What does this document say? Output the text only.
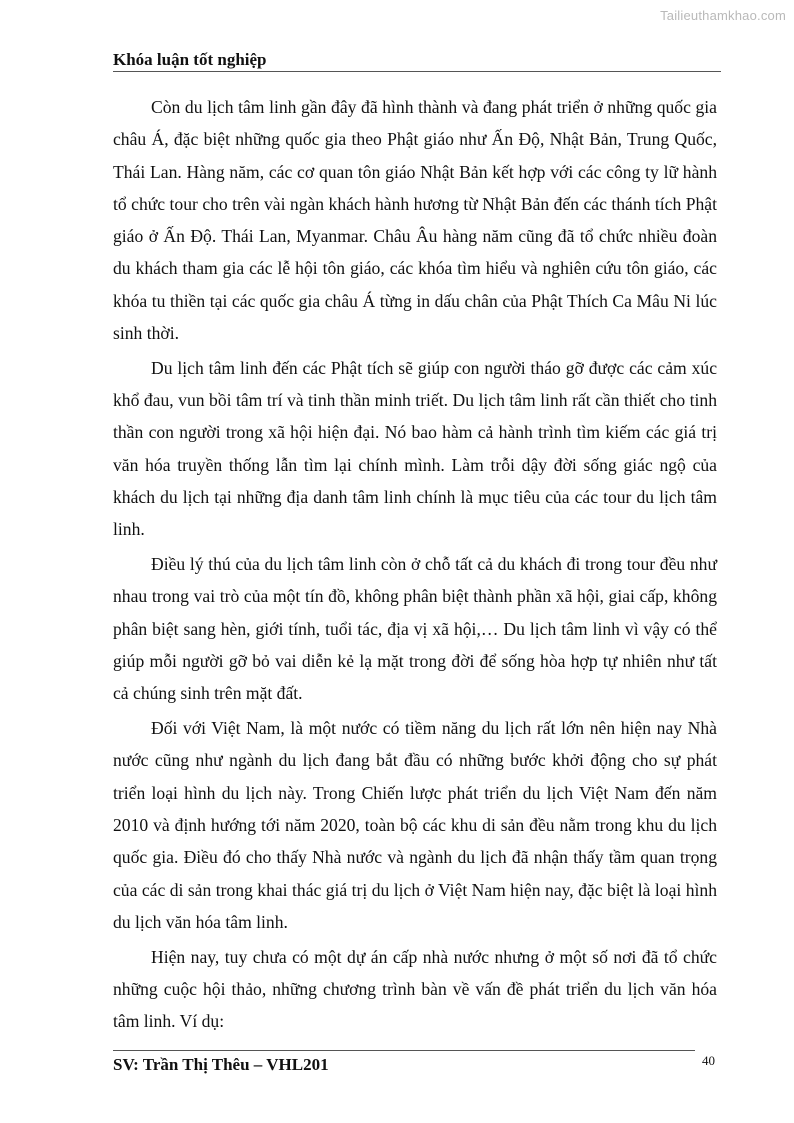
Tailieuthamkhao.com
Khóa luận tốt nghiệp

Còn du lịch tâm linh gần đây đã hình thành và đang phát triển ở những quốc gia châu Á, đặc biệt những quốc gia theo Phật giáo như Ấn Độ, Nhật Bản, Trung Quốc, Thái Lan. Hàng năm, các cơ quan tôn giáo Nhật Bản kết hợp với các công ty lữ hành tổ chức tour cho trên vài ngàn khách hành hương từ Nhật Bản đến các thánh tích Phật giáo ở Ấn Độ. Thái Lan, Myanmar. Châu Âu hàng năm cũng đã tổ chức nhiều đoàn du khách tham gia các lễ hội tôn giáo, các khóa tìm hiểu và nghiên cứu tôn giáo, các khóa tu thiền tại các quốc gia châu Á từng in dấu chân của Phật Thích Ca Mâu Ni lúc sinh thời.

Du lịch tâm linh đến các Phật tích sẽ giúp con người tháo gỡ được các cảm xúc khổ đau, vun bồi tâm trí và tinh thần minh triết. Du lịch tâm linh rất cần thiết cho tinh thần con người trong xã hội hiện đại. Nó bao hàm cả hành trình tìm kiếm các giá trị văn hóa truyền thống lẫn tìm lại chính mình. Làm trỗi dậy đời sống giác ngộ của khách du lịch tại những địa danh tâm linh chính là mục tiêu của các tour du lịch tâm linh.

Điều lý thú của du lịch tâm linh còn ở chỗ tất cả du khách đi trong tour đều như nhau trong vai trò của một tín đồ, không phân biệt thành phần xã hội, giai cấp, không phân biệt sang hèn, giới tính, tuổi tác, địa vị xã hội,… Du lịch tâm linh vì vậy có thể giúp mỗi người gỡ bỏ vai diễn kẻ lạ mặt trong đời để sống hòa hợp tự nhiên như tất cả chúng sinh trên mặt đất.

Đối với Việt Nam, là một nước có tiềm năng du lịch rất lớn nên hiện nay Nhà nước cũng như ngành du lịch đang bắt đầu có những bước khởi động cho sự phát triển loại hình du lịch này. Trong Chiến lược phát triển du lịch Việt Nam đến năm 2010 và định hướng tới năm 2020, toàn bộ các khu di sản đều nằm trong khu du lịch quốc gia. Điều đó cho thấy Nhà nước và ngành du lịch đã nhận thấy tầm quan trọng của các di sản trong khai thác giá trị du lịch ở Việt Nam hiện nay, đặc biệt là loại hình du lịch văn hóa tâm linh.

Hiện nay, tuy chưa có một dự án cấp nhà nước nhưng ở một số nơi đã tổ chức những cuộc hội thảo, những chương trình bàn về vấn đề phát triển du lịch văn hóa tâm linh. Ví dụ:

SV: Trần Thị Thêu – VHL201	40
